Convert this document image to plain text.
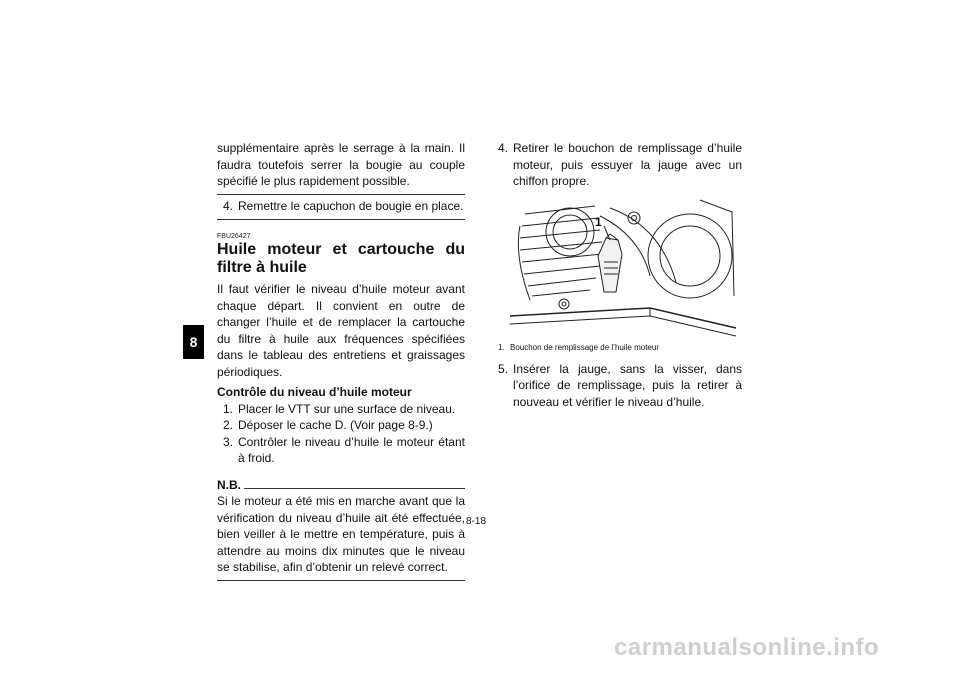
8

supplémentaire après le serrage à la main. Il faudra toutefois serrer la bougie au couple spécifié le plus rapidement possible.

4. Remettre le capuchon de bougie en place.
FBU26427
Huile moteur et cartouche du filtre à huile

Il faut vérifier le niveau d’huile moteur avant chaque départ. Il convient en outre de changer l’huile et de remplacer la cartouche du filtre à huile aux fréquences spécifiées dans le tableau des entretiens et graissages périodiques.

Contrôle du niveau d’huile moteur
1. Placer le VTT sur une surface de niveau.
2. Déposer le cache D. (Voir page 8-9.)
3. Contrôler le niveau d’huile le moteur étant à froid.
N.B.

Si le moteur a été mis en marche avant que la vérification du niveau d’huile ait été effectuée, bien veiller à le mettre en température, puis à attendre au moins dix minutes que le niveau se stabilise, afin d’obtenir un relevé correct.

4. Retirer le bouchon de remplissage d’huile moteur, puis essuyer la jauge avec un chiffon propre.
1
1. Bouchon de remplissage de l’huile moteur
5. Insérer la jauge, sans la visser, dans l’orifice de remplissage, puis la retirer à nouveau et vérifier le niveau d’huile.
8-18
carmanualsonline.info
